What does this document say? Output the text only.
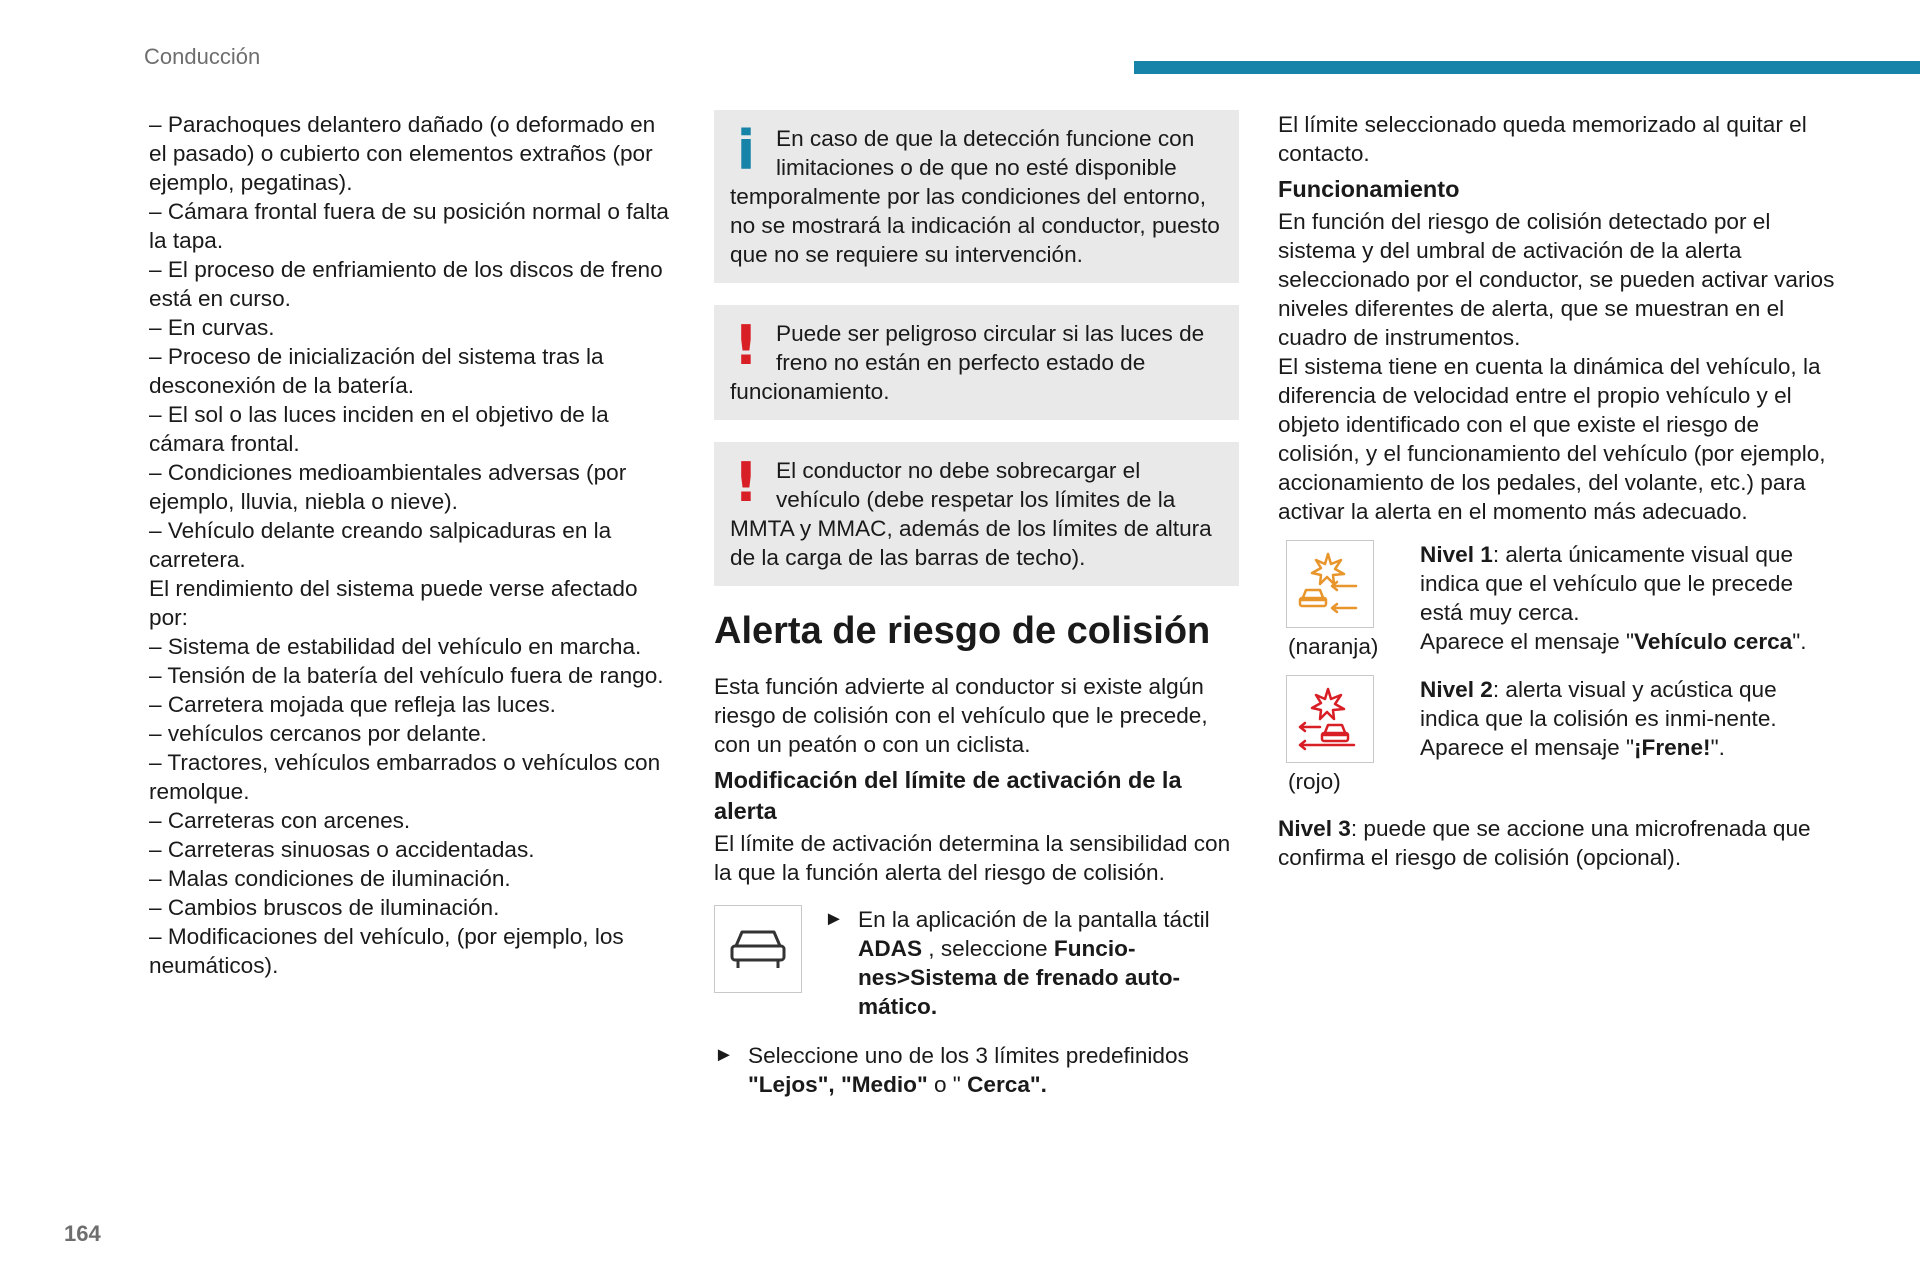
Conducción

– Parachoques delantero dañado (o deformado en el pasado) o cubierto con elementos extraños (por ejemplo, pegatinas).

– Cámara frontal fuera de su posición normal o falta la tapa.

– El proceso de enfriamiento de los discos de freno está en curso.

– En curvas.

– Proceso de inicialización del sistema tras la desconexión de la batería.

– El sol o las luces inciden en el objetivo de la cámara frontal.

– Condiciones medioambientales adversas (por ejemplo, lluvia, niebla o nieve).

– Vehículo delante creando salpicaduras en la carretera.

El rendimiento del sistema puede verse afectado por:

– Sistema de estabilidad del vehículo en marcha.

– Tensión de la batería del vehículo fuera de rango.

– Carretera mojada que refleja las luces.

– vehículos cercanos por delante.

– Tractores, vehículos embarrados o vehículos con remolque.

– Carreteras con arcenes.

– Carreteras sinuosas o accidentadas.

– Malas condiciones de iluminación.

– Cambios bruscos de iluminación.

– Modificaciones del vehículo, (por ejemplo, los neumáticos).

i En caso de que la detección funcione con limitaciones o de que no esté disponible temporalmente por las condiciones del entorno, no se mostrará la indicación al conductor, puesto que no se requiere su intervención.

! Puede ser peligroso circular si las luces de freno no están en perfecto estado de funcionamiento.

! El conductor no debe sobrecargar el vehículo (debe respetar los límites de la MMTA y MMAC, además de los límites de altura de la carga de las barras de techo).

Alerta de riesgo de colisión

Esta función advierte al conductor si existe algún riesgo de colisión con el vehículo que le precede, con un peatón o con un ciclista.

Modificación del límite de activación de la alerta

El límite de activación determina la sensibilidad con la que la función alerta del riesgo de colisión.

► En la aplicación de la pantalla táctil ADAS , seleccione Funcio-nes>Sistema de frenado auto-mático.
► Seleccione uno de los 3 límites predefinidos "Lejos", "Medio" o " Cerca".

El límite seleccionado queda memorizado al quitar el contacto.

Funcionamiento

En función del riesgo de colisión detectado por el sistema y del umbral de activación de la alerta seleccionado por el conductor, se pueden activar varios niveles diferentes de alerta, que se muestran en el cuadro de instrumentos.

El sistema tiene en cuenta la dinámica del vehículo, la diferencia de velocidad entre el propio vehículo y el objeto identificado con el que existe el riesgo de colisión, y el funcionamiento del vehículo (por ejemplo, accionamiento de los pedales, del volante, etc.) para activar la alerta en el momento más adecuado.

(naranja)

Nivel 1: alerta únicamente visual que indica que el vehículo que le precede está muy cerca.

Aparece el mensaje "Vehículo cerca".

(rojo)

Nivel 2: alerta visual y acústica que indica que la colisión es inmi-nente.

Aparece el mensaje "¡Frene!".

Nivel 3: puede que se accione una microfrenada que confirma el riesgo de colisión (opcional).

164
